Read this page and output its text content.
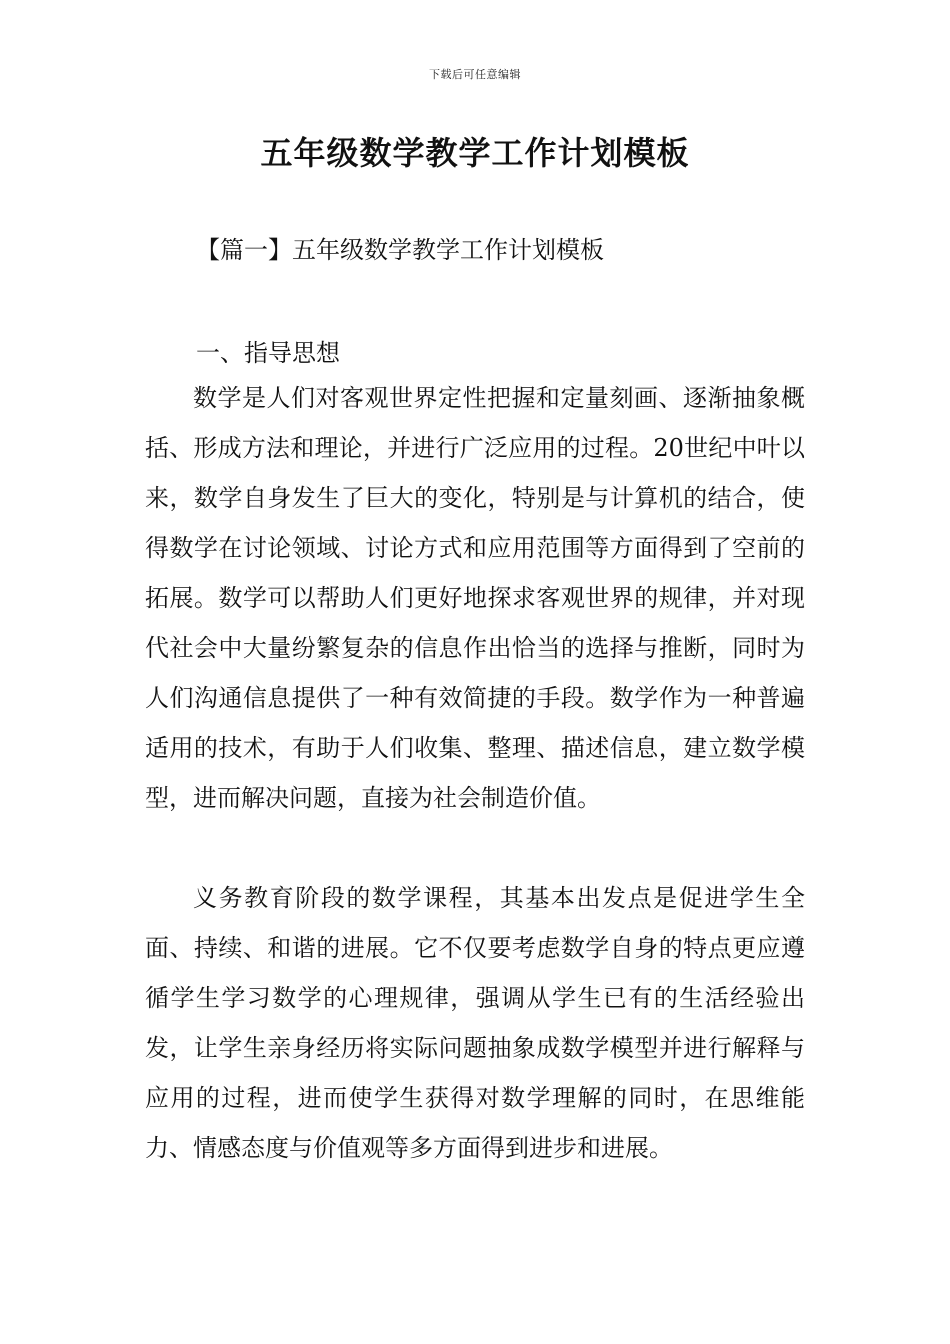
下载后可任意编辑
五年级数学教学工作计划模板
【篇一】五年级数学教学工作计划模板
一、指导思想

数学是人们对客观世界定性把握和定量刻画、逐渐抽象概括、形成方法和理论，并进行广泛应用的过程。20世纪中叶以来，数学自身发生了巨大的变化，特别是与计算机的结合，使得数学在讨论领域、讨论方式和应用范围等方面得到了空前的拓展。数学可以帮助人们更好地探求客观世界的规律，并对现代社会中大量纷繁复杂的信息作出恰当的选择与推断，同时为人们沟通信息提供了一种有效简捷的手段。数学作为一种普遍适用的技术，有助于人们收集、整理、描述信息，建立数学模型，进而解决问题，直接为社会制造价值。

义务教育阶段的数学课程，其基本出发点是促进学生全面、持续、和谐的进展。它不仅要考虑数学自身的特点更应遵循学生学习数学的心理规律，强调从学生已有的生活经验出发，让学生亲身经历将实际问题抽象成数学模型并进行解释与应用的过程，进而使学生获得对数学理解的同时，在思维能力、情感态度与价值观等多方面得到进步和进展。
